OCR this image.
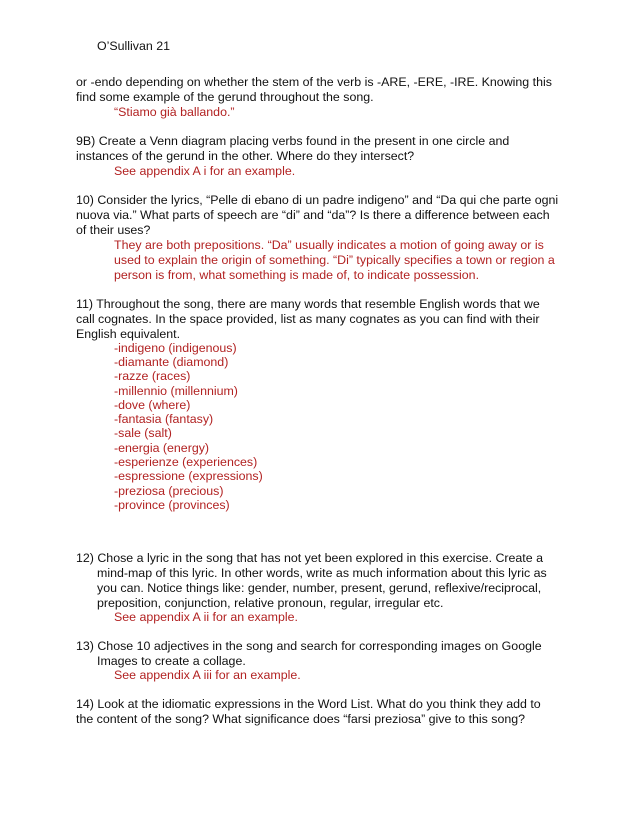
O’Sullivan 21
or -endo depending on whether the stem of the verb is -ARE, -ERE, -IRE. Knowing this
find some example of the gerund throughout the song.
“Stiamo già ballando.”
9B) Create a Venn diagram placing verbs found in the present in one circle and
instances of the gerund in the other. Where do they intersect?
See appendix A i for an example.
10) Consider the lyrics, “Pelle di ebano di un padre indigeno” and “Da qui che parte ogni
nuova via.” What parts of speech are “di” and “da”? Is there a difference between each
of their uses?
They are both prepositions. “Da” usually indicates a motion of going away or is
used to explain the origin of something. “Di” typically specifies a town or region a
person is from, what something is made of, to indicate possession.
11) Throughout the song, there are many words that resemble English words that we
call cognates. In the space provided, list as many cognates as you can find with their
English equivalent.
-indigeno (indigenous)
-diamante (diamond)
-razze (races)
-millennio (millennium)
-dove (where)
-fantasia (fantasy)
-sale (salt)
-energia (energy)
-esperienze (experiences)
-espressione (expressions)
-preziosa (precious)
-province (provinces)
12) Chose a lyric in the song that has not yet been explored in this exercise. Create a
mind-map of this lyric. In other words, write as much information about this lyric as
you can. Notice things like: gender, number, present, gerund, reflexive/reciprocal,
preposition, conjunction, relative pronoun, regular, irregular etc.
See appendix A ii for an example.
13) Chose 10 adjectives in the song and search for corresponding images on Google
Images to create a collage.
See appendix A iii for an example.
14) Look at the idiomatic expressions in the Word List. What do you think they add to
the content of the song? What significance does “farsi preziosa” give to this song?
